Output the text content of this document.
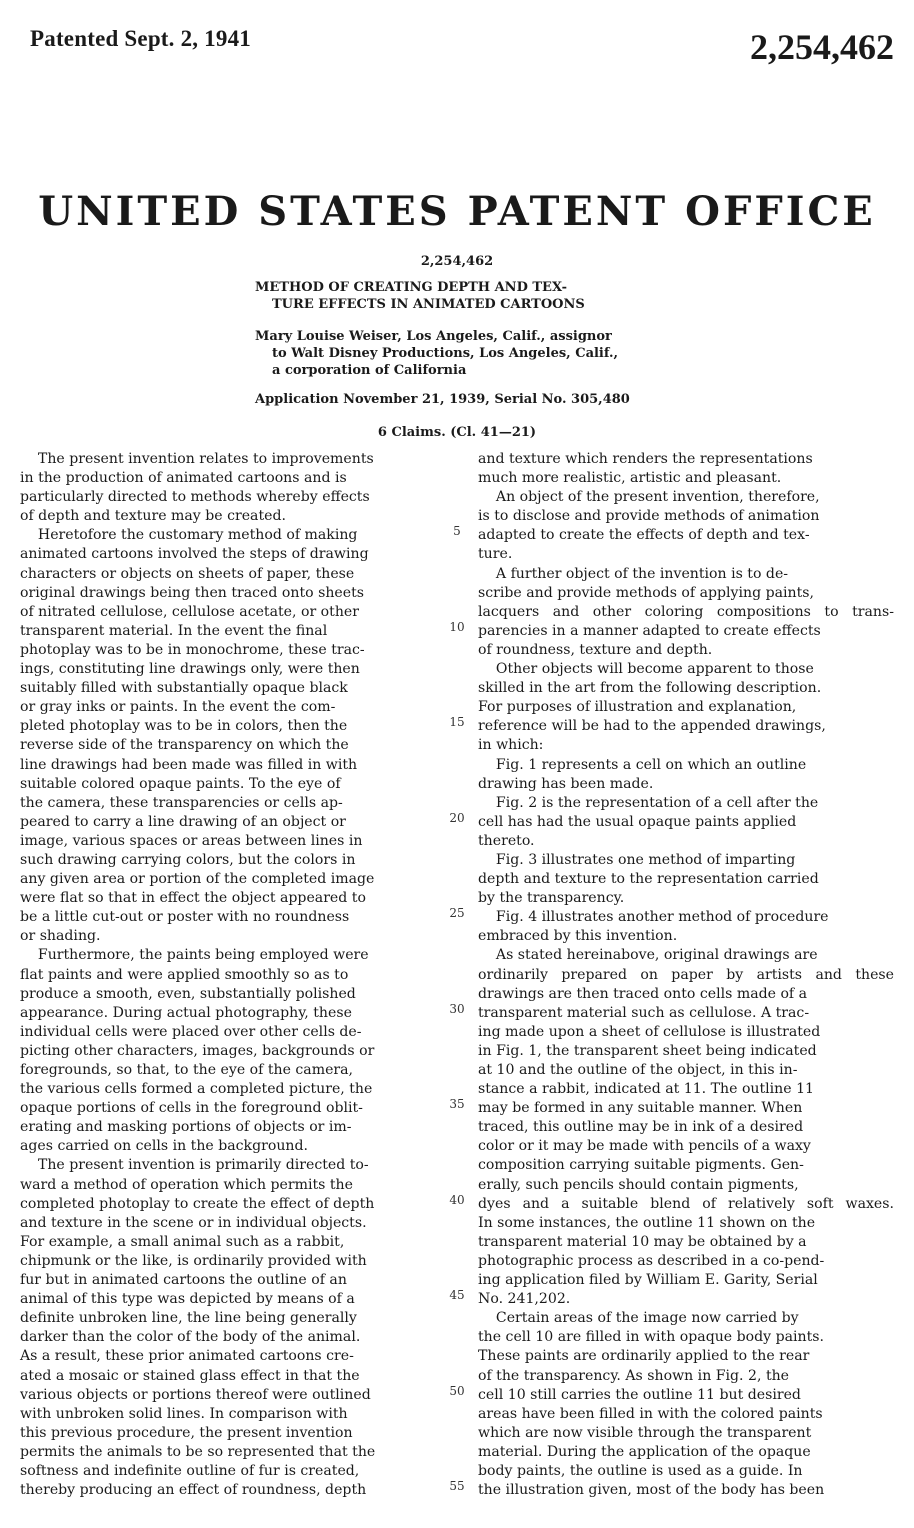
Patented Sept. 2, 1941	2,254,462
UNITED STATES PATENT OFFICE
2,254,462
METHOD OF CREATING DEPTH AND TEX-
TURE EFFECTS IN ANIMATED CARTOONS
Mary Louise Weiser, Los Angeles, Calif., assignor
to Walt Disney Productions, Los Angeles, Calif.,
a corporation of California
Application November 21, 1939, Serial No. 305,480
6 Claims. (Cl. 41—21)
The present invention relates to improvements
in the production of animated cartoons and is
particularly directed to methods whereby effects
of depth and texture may be created.
Heretofore the customary method of making
animated cartoons involved the steps of drawing
characters or objects on sheets of paper, these
original drawings being then traced onto sheets
of nitrated cellulose, cellulose acetate, or other
transparent material. In the event the final
photoplay was to be in monochrome, these trac-
ings, constituting line drawings only, were then
suitably filled with substantially opaque black
or gray inks or paints. In the event the com-
pleted photoplay was to be in colors, then the
reverse side of the transparency on which the
line drawings had been made was filled in with
suitable colored opaque paints. To the eye of
the camera, these transparencies or cells ap-
peared to carry a line drawing of an object or
image, various spaces or areas between lines in
such drawing carrying colors, but the colors in
any given area or portion of the completed image
were flat so that in effect the object appeared to
be a little cut-out or poster with no roundness
or shading.
Furthermore, the paints being employed were
flat paints and were applied smoothly so as to
produce a smooth, even, substantially polished
appearance. During actual photography, these
individual cells were placed over other cells de-
picting other characters, images, backgrounds or
foregrounds, so that, to the eye of the camera,
the various cells formed a completed picture, the
opaque portions of cells in the foreground oblit-
erating and masking portions of objects or im-
ages carried on cells in the background.
The present invention is primarily directed to-
ward a method of operation which permits the
completed photoplay to create the effect of depth
and texture in the scene or in individual objects.
For example, a small animal such as a rabbit,
chipmunk or the like, is ordinarily provided with
fur but in animated cartoons the outline of an
animal of this type was depicted by means of a
definite unbroken line, the line being generally
darker than the color of the body of the animal.
As a result, these prior animated cartoons cre-
ated a mosaic or stained glass effect in that the
various objects or portions thereof were outlined
with unbroken solid lines. In comparison with
this previous procedure, the present invention
permits the animals to be so represented that the
softness and indefinite outline of fur is created,
thereby producing an effect of roundness, depth
5
10
15
20
25
30
35
40
45
50
55
and texture which renders the representations
much more realistic, artistic and pleasant.
An object of the present invention, therefore,
is to disclose and provide methods of animation
adapted to create the effects of depth and tex-
ture.
A further object of the invention is to de-
scribe and provide methods of applying paints,
lacquers and other coloring compositions to trans-
parencies in a manner adapted to create effects
of roundness, texture and depth.
Other objects will become apparent to those
skilled in the art from the following description.
For purposes of illustration and explanation,
reference will be had to the appended drawings,
in which:
Fig. 1 represents a cell on which an outline
drawing has been made.
Fig. 2 is the representation of a cell after the
cell has had the usual opaque paints applied
thereto.
Fig. 3 illustrates one method of imparting
depth and texture to the representation carried
by the transparency.
Fig. 4 illustrates another method of procedure
embraced by this invention.
As stated hereinabove, original drawings are
ordinarily prepared on paper by artists and these
drawings are then traced onto cells made of a
transparent material such as cellulose. A trac-
ing made upon a sheet of cellulose is illustrated
in Fig. 1, the transparent sheet being indicated
at 10 and the outline of the object, in this in-
stance a rabbit, indicated at 11. The outline 11
may be formed in any suitable manner. When
traced, this outline may be in ink of a desired
color or it may be made with pencils of a waxy
composition carrying suitable pigments. Gen-
erally, such pencils should contain pigments,
dyes and a suitable blend of relatively soft waxes.
In some instances, the outline 11 shown on the
transparent material 10 may be obtained by a
photographic process as described in a co-pend-
ing application filed by William E. Garity, Serial
No. 241,202.
Certain areas of the image now carried by
the cell 10 are filled in with opaque body paints.
These paints are ordinarily applied to the rear
of the transparency. As shown in Fig. 2, the
cell 10 still carries the outline 11 but desired
areas have been filled in with the colored paints
which are now visible through the transparent
material. During the application of the opaque
body paints, the outline is used as a guide. In
the illustration given, most of the body has been
